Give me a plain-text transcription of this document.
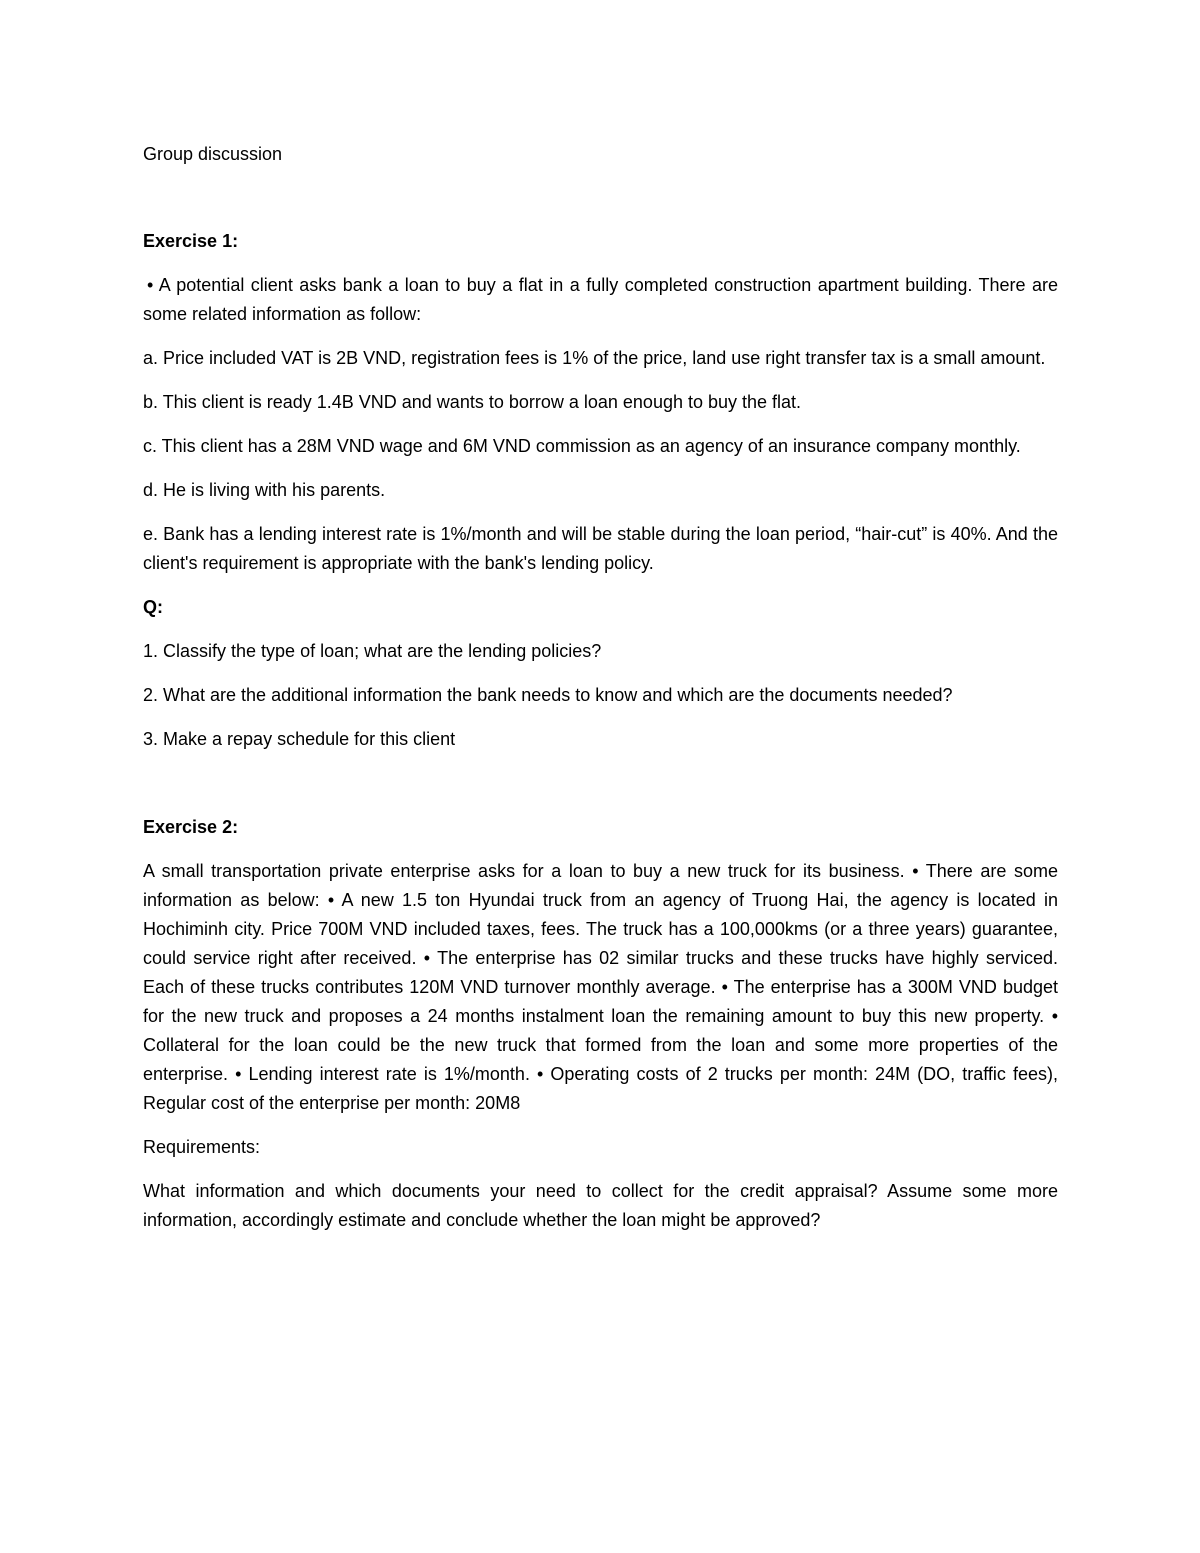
Group discussion

Exercise 1:

• A potential client asks bank a loan to buy a flat in a fully completed construction apartment building. There are some related information as follow:

a. Price included VAT is 2B VND, registration fees is 1% of the price, land use right transfer tax is a small amount.

b. This client is ready 1.4B VND and wants to borrow a loan enough to buy the flat.

c. This client has a 28M VND wage and 6M VND commission as an agency of an insurance company monthly.

d. He is living with his parents.

e. Bank has a lending interest rate is 1%/month and will be stable during the loan period, “hair-cut” is 40%. And the client's requirement is appropriate with the bank's lending policy.

Q:

1. Classify the type of loan; what are the lending policies?

2. What are the additional information the bank needs to know and which are the documents needed?

3. Make a repay schedule for this client

Exercise 2:

A small transportation private enterprise asks for a loan to buy a new truck for its business. • There are some information as below: • A new 1.5 ton Hyundai truck from an agency of Truong Hai, the agency is located in Hochiminh city. Price 700M VND included taxes, fees. The truck has a 100,000kms (or a three years) guarantee, could service right after received. • The enterprise has 02 similar trucks and these trucks have highly serviced. Each of these trucks contributes 120M VND turnover monthly average. • The enterprise has a 300M VND budget for the new truck and proposes a 24 months instalment loan the remaining amount to buy this new property. • Collateral for the loan could be the new truck that formed from the loan and some more properties of the enterprise. • Lending interest rate is 1%/month. • Operating costs of 2 trucks per month: 24M (DO, traffic fees), Regular cost of the enterprise per month: 20M8

Requirements:

What information and which documents your need to collect for the credit appraisal? Assume some more information, accordingly estimate and conclude whether the loan might be approved?
